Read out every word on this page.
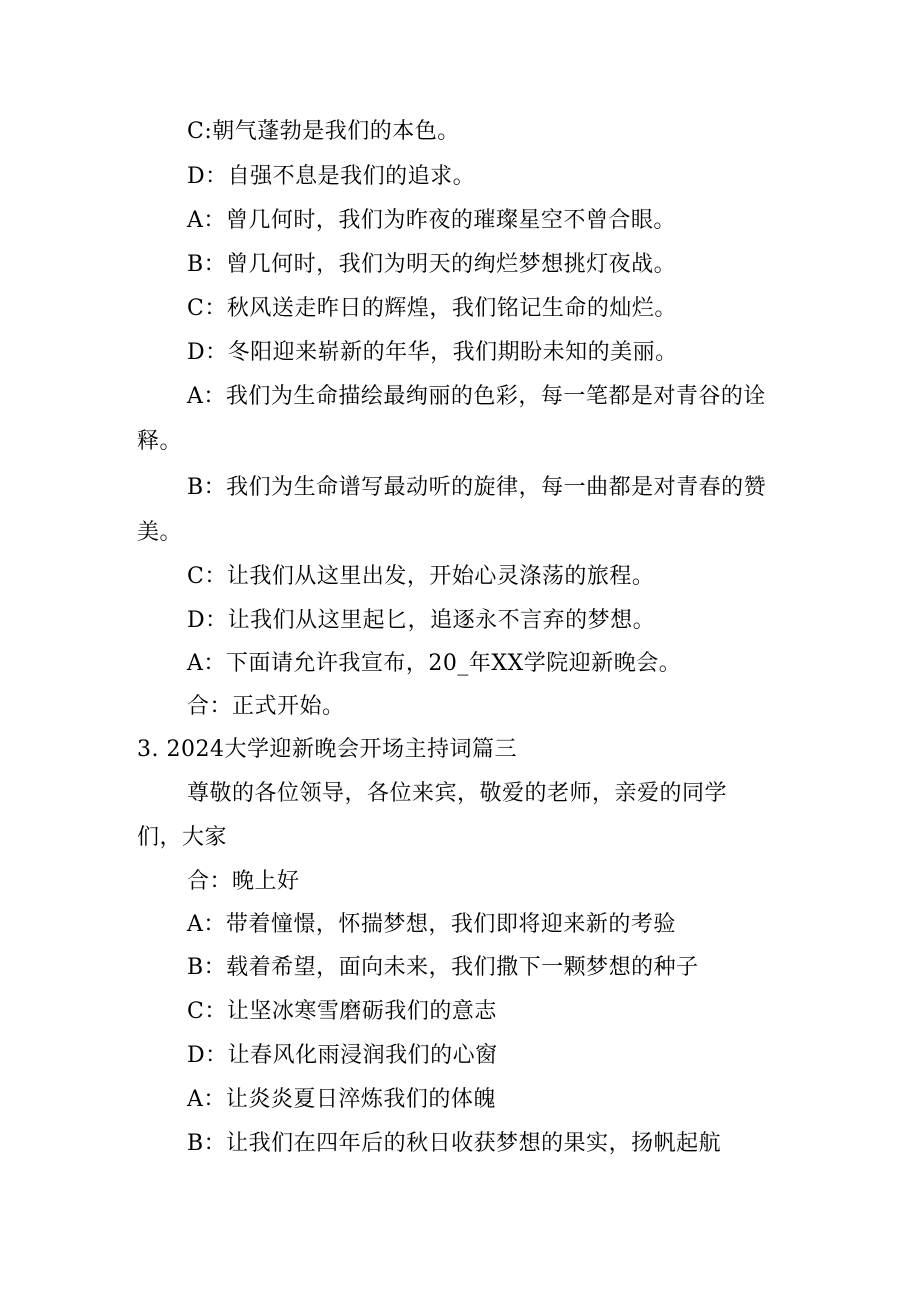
C:朝气蓬勃是我们的本色。
D：自强不息是我们的追求。
A：曾几何时，我们为昨夜的璀璨星空不曾合眼。
B：曾几何时，我们为明天的绚烂梦想挑灯夜战。
C：秋风送走昨日的辉煌，我们铭记生命的灿烂。
D：冬阳迎来崭新的年华，我们期盼未知的美丽。
A：我们为生命描绘最绚丽的色彩，每一笔都是对青谷的诠
释。
B：我们为生命谱写最动听的旋律，每一曲都是对青春的赞
美。
C：让我们从这里出发，开始心灵涤荡的旅程。
D：让我们从这里起匕，追逐永不言弃的梦想。
A：下面请允许我宣布，20_年XX学院迎新晚会。
合：正式开始。
3. 2024大学迎新晚会开场主持词篇三
尊敬的各位领导，各位来宾，敬爱的老师，亲爱的同学
们，大家
合：晚上好
A：带着憧憬，怀揣梦想，我们即将迎来新的考验
B：载着希望，面向未来，我们撒下一颗梦想的种子
C：让坚冰寒雪磨砺我们的意志
D：让春风化雨浸润我们的心窗
A：让炎炎夏日淬炼我们的体魄
B：让我们在四年后的秋日收获梦想的果实，扬帆起航
